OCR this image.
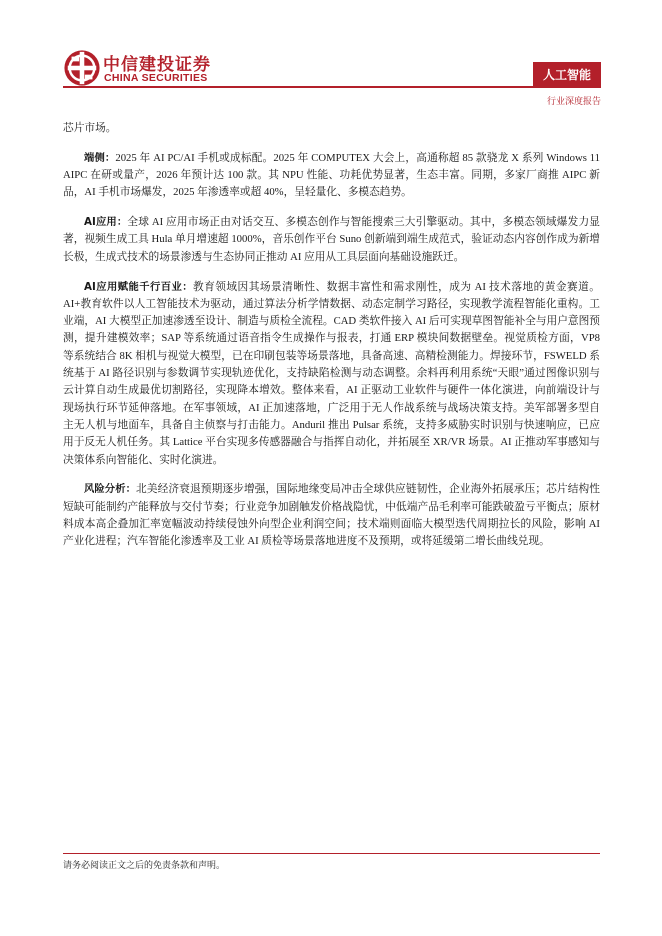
中信建投证券
CHINA SECURITIES	人工智能
行业深度报告

芯片市场。

端侧：2025 年 AI PC/AI 手机或成标配。2025 年 COMPUTEX 大会上，高通称超 85 款骁龙 X 系列 Windows 11 AIPC 在研或量产，2026 年预计达 100 款。其 NPU 性能、功耗优势显著，生态丰富。同期，多家厂商推 AIPC 新品，AI 手机市场爆发，2025 年渗透率或超 40%，呈轻量化、多模态趋势。

AI应用：全球 AI 应用市场正由对话交互、多模态创作与智能搜索三大引擎驱动。其中，多模态领域爆发力显著，视频生成工具 Hula 单月增速超 1000%，音乐创作平台 Suno 创新端到端生成范式，验证动态内容创作成为新增长极，生成式技术的场景渗透与生态协同正推动 AI 应用从工具层面向基础设施跃迁。

AI应用赋能千行百业：教育领域因其场景清晰性、数据丰富性和需求刚性，成为 AI 技术落地的黄金赛道。AI+教育软件以人工智能技术为驱动，通过算法分析学情数据、动态定制学习路径，实现教学流程智能化重构。工业端，AI 大模型正加速渗透至设计、制造与质检全流程。CAD 类软件接入 AI 后可实现草图智能补全与用户意图预测，提升建模效率；SAP 等系统通过语音指令生成操作与报表，打通 ERP 模块间数据壁垒。视觉质检方面，VP8 等系统结合 8K 相机与视觉大模型，已在印刷包装等场景落地，具备高速、高精检测能力。焊接环节，FSWELD 系统基于 AI 路径识别与参数调节实现轨迹优化，支持缺陷检测与动态调整。余料再利用系统“天眼”通过图像识别与云计算自动生成最优切割路径，实现降本增效。整体来看，AI 正驱动工业软件与硬件一体化演进，向前端设计与现场执行环节延伸落地。在军事领域，AI 正加速落地，广泛用于无人作战系统与战场决策支持。美军部署多型自主无人机与地面车，具备自主侦察与打击能力。Anduril 推出 Pulsar 系统，支持多威胁实时识别与快速响应，已应用于反无人机任务。其 Lattice 平台实现多传感器融合与指挥自动化，并拓展至 XR/VR 场景。AI 正推动军事感知与决策体系向智能化、实时化演进。

风险分析：北美经济衰退预期逐步增强，国际地缘变局冲击全球供应链韧性，企业海外拓展承压；芯片结构性短缺可能制约产能释放与交付节奏；行业竞争加剧触发价格战隐忧，中低端产品毛利率可能跌破盈亏平衡点；原材料成本高企叠加汇率宽幅波动持续侵蚀外向型企业利润空间；技术端则面临大模型迭代周期拉长的风险，影响 AI 产业化进程；汽车智能化渗透率及工业 AI 质检等场景落地进度不及预期，或将延缓第二增长曲线兑现。

请务必阅读正文之后的免责条款和声明。
